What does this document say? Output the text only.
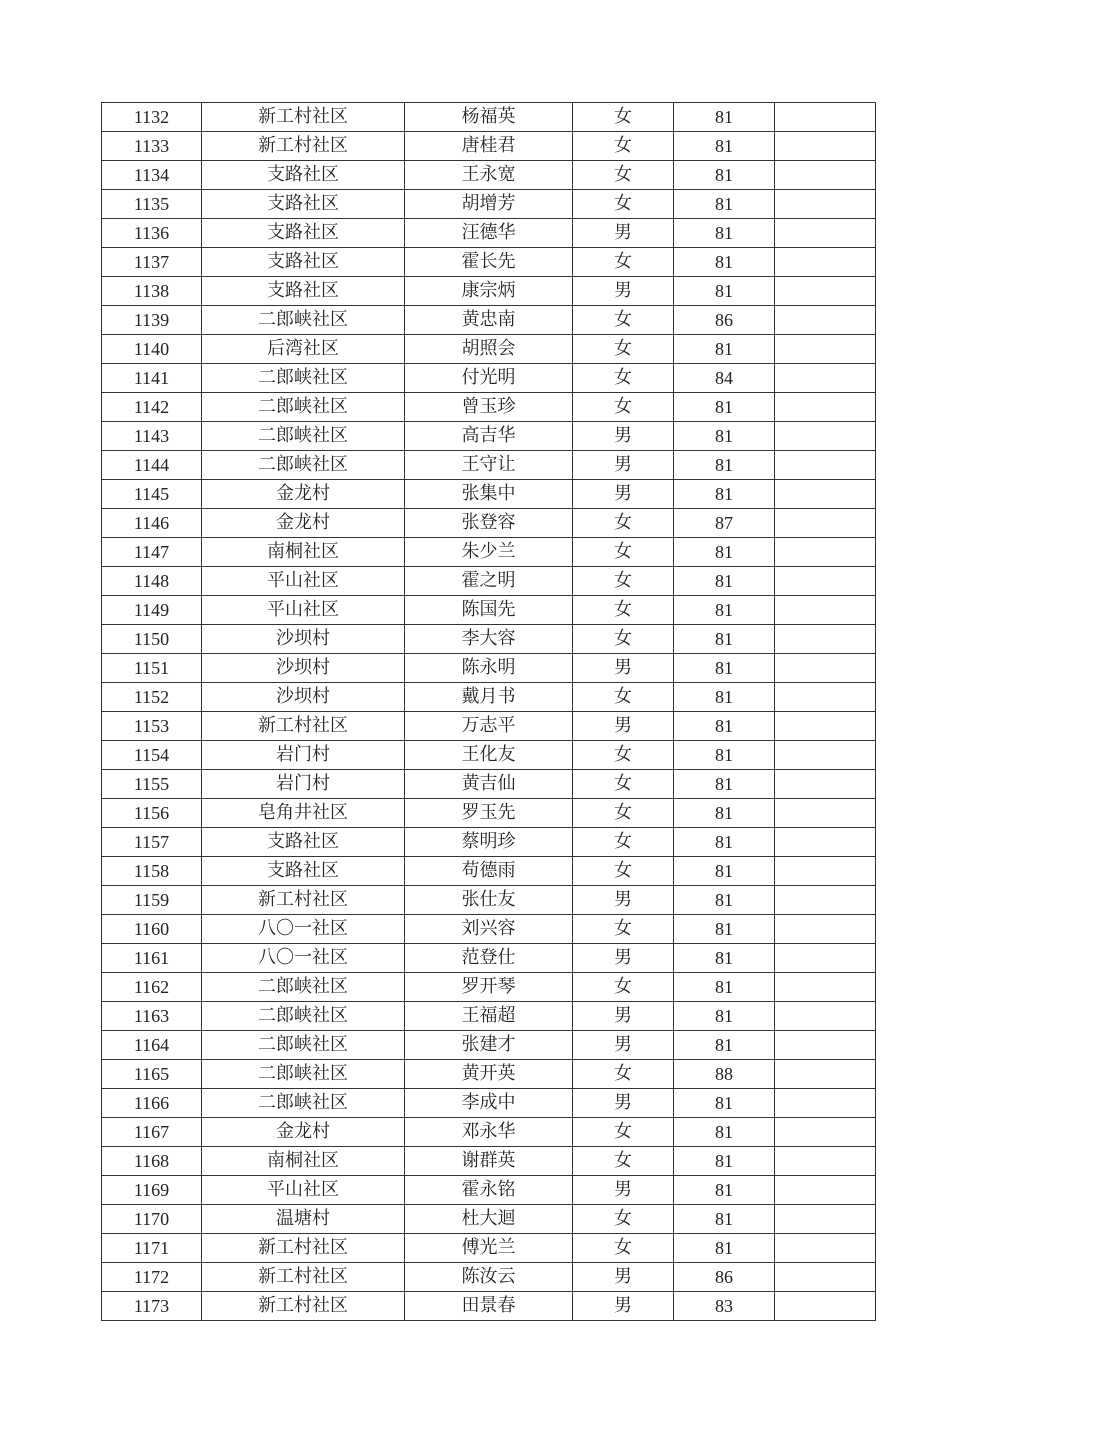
1132	新工村社区	杨福英	女	81	
1133	新工村社区	唐桂君	女	81	
1134	支路社区	王永宽	女	81	
1135	支路社区	胡增芳	女	81	
1136	支路社区	汪德华	男	81	
1137	支路社区	霍长先	女	81	
1138	支路社区	康宗炳	男	81	
1139	二郎峡社区	黄忠南	女	86	
1140	后湾社区	胡照会	女	81	
1141	二郎峡社区	付光明	女	84	
1142	二郎峡社区	曾玉珍	女	81	
1143	二郎峡社区	高吉华	男	81	
1144	二郎峡社区	王守让	男	81	
1145	金龙村	张集中	男	81	
1146	金龙村	张登容	女	87	
1147	南桐社区	朱少兰	女	81	
1148	平山社区	霍之明	女	81	
1149	平山社区	陈国先	女	81	
1150	沙坝村	李大容	女	81	
1151	沙坝村	陈永明	男	81	
1152	沙坝村	戴月书	女	81	
1153	新工村社区	万志平	男	81	
1154	岩门村	王化友	女	81	
1155	岩门村	黄吉仙	女	81	
1156	皂角井社区	罗玉先	女	81	
1157	支路社区	蔡明珍	女	81	
1158	支路社区	苟德雨	女	81	
1159	新工村社区	张仕友	男	81	
1160	八〇一社区	刘兴容	女	81	
1161	八〇一社区	范登仕	男	81	
1162	二郎峡社区	罗开琴	女	81	
1163	二郎峡社区	王福超	男	81	
1164	二郎峡社区	张建才	男	81	
1165	二郎峡社区	黄开英	女	88	
1166	二郎峡社区	李成中	男	81	
1167	金龙村	邓永华	女	81	
1168	南桐社区	谢群英	女	81	
1169	平山社区	霍永铭	男	81	
1170	温塘村	杜大迴	女	81	
1171	新工村社区	傅光兰	女	81	
1172	新工村社区	陈汝云	男	86	
1173	新工村社区	田景春	男	83	
